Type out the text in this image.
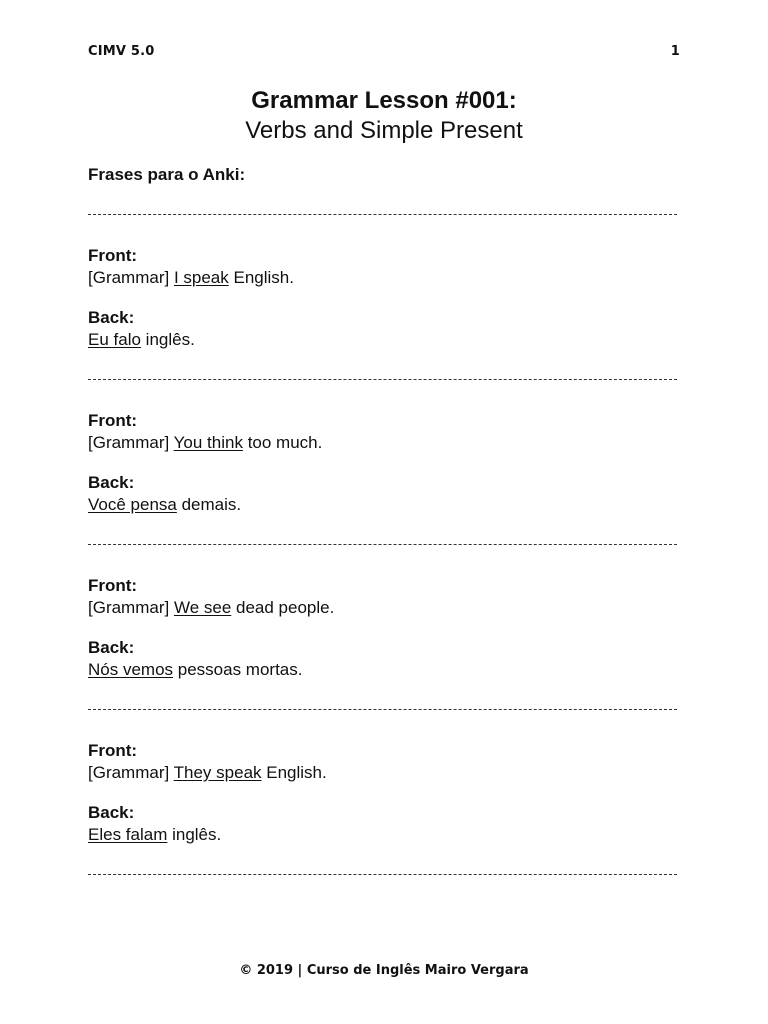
CIMV 5.0	1
Grammar Lesson #001:
Verbs and Simple Present
Frases para o Anki:
Front:
[Grammar] I speak English.
Back:
Eu falo inglês.
Front:
[Grammar] You think too much.
Back:
Você pensa demais.
Front:
[Grammar] We see dead people.
Back:
Nós vemos pessoas mortas.
Front:
[Grammar] They speak English.
Back:
Eles falam inglês.
© 2019 | Curso de Inglês Mairo Vergara
